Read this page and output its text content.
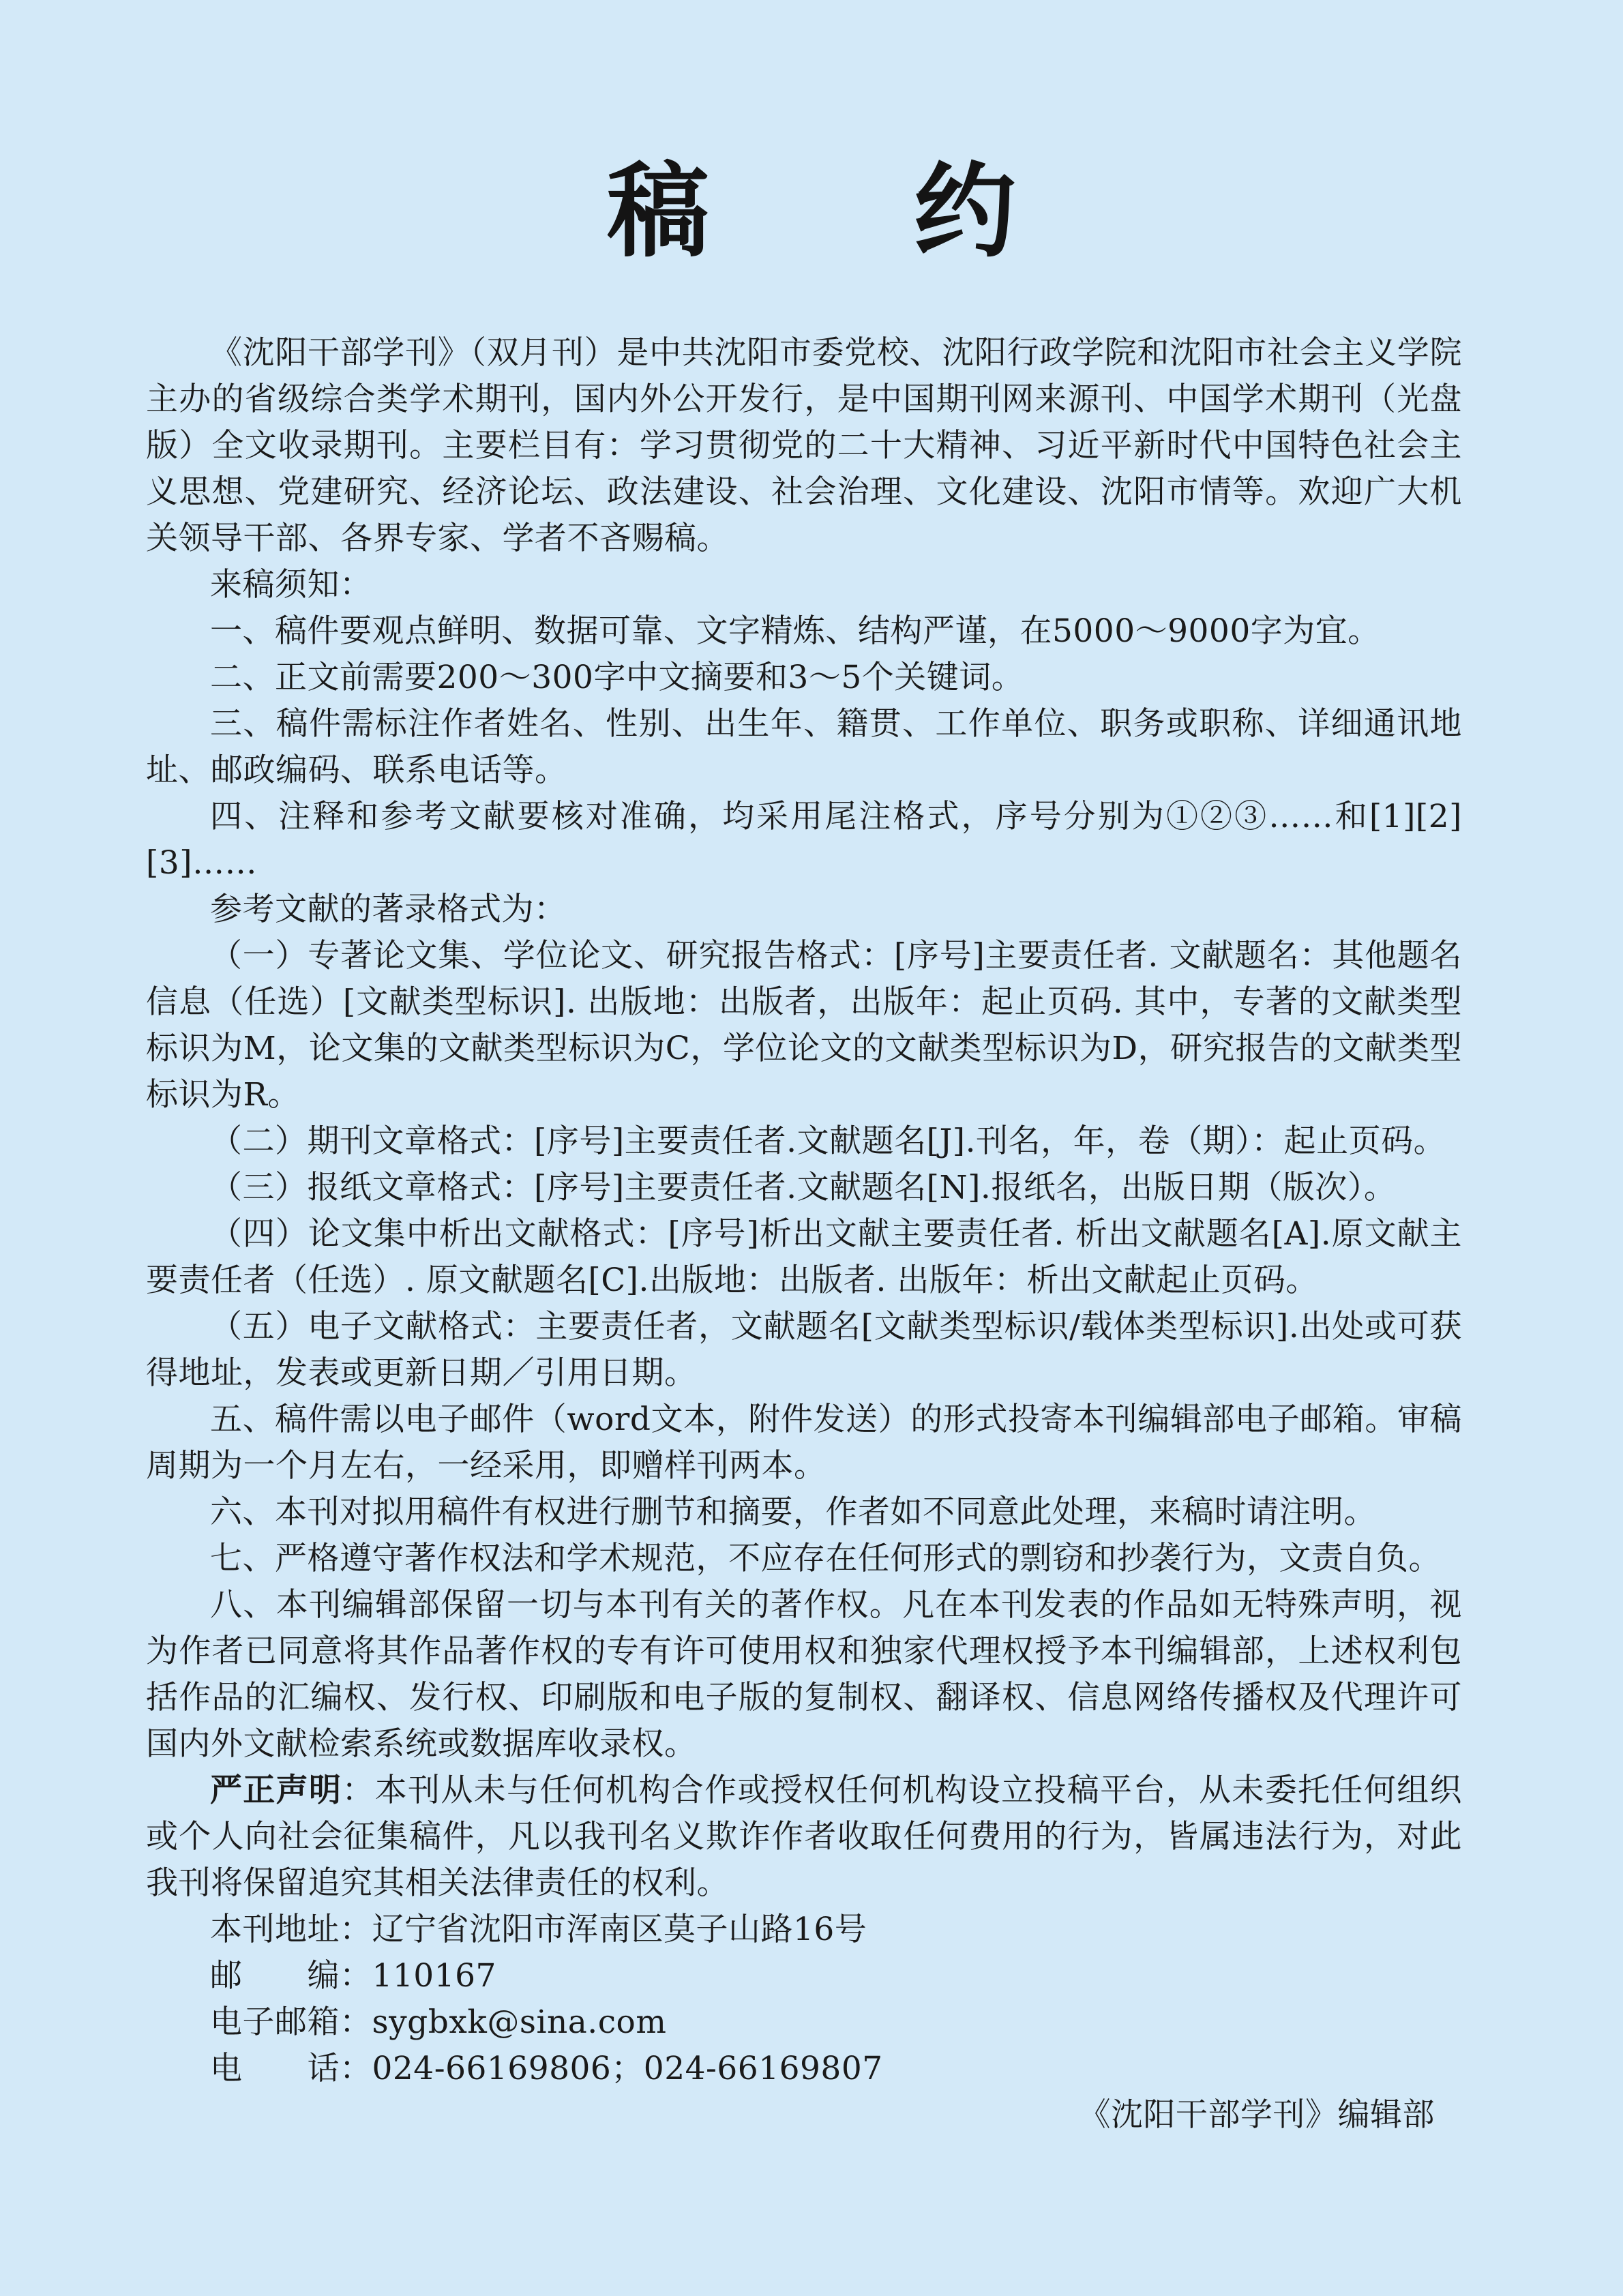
稿　　约

《沈阳干部学刊》（双月刊）是中共沈阳市委党校、沈阳行政学院和沈阳市社会主义学院主办的省级综合类学术期刊，国内外公开发行，是中国期刊网来源刊、中国学术期刊（光盘版）全文收录期刊。主要栏目有：学习贯彻党的二十大精神、习近平新时代中国特色社会主义思想、党建研究、经济论坛、政法建设、社会治理、文化建设、沈阳市情等。欢迎广大机关领导干部、各界专家、学者不吝赐稿。

来稿须知：

一、稿件要观点鲜明、数据可靠、文字精炼、结构严谨，在5000～9000字为宜。

二、正文前需要200～300字中文摘要和3～5个关键词。

三、稿件需标注作者姓名、性别、出生年、籍贯、工作单位、职务或职称、详细通讯地址、邮政编码、联系电话等。

四、注释和参考文献要核对准确，均采用尾注格式，序号分别为①②③……和[1][2][3]……

参考文献的著录格式为：

（一）专著论文集、学位论文、研究报告格式：[序号]主要责任者. 文献题名：其他题名信息（任选）[文献类型标识]. 出版地：出版者，出版年：起止页码. 其中，专著的文献类型标识为M，论文集的文献类型标识为C，学位论文的文献类型标识为D，研究报告的文献类型标识为R。

（二）期刊文章格式：[序号]主要责任者.文献题名[J].刊名，年，卷（期）：起止页码。

（三）报纸文章格式：[序号]主要责任者.文献题名[N].报纸名，出版日期（版次）。

（四）论文集中析出文献格式：[序号]析出文献主要责任者. 析出文献题名[A].原文献主要责任者（任选）. 原文献题名[C].出版地：出版者. 出版年：析出文献起止页码。

（五）电子文献格式：主要责任者，文献题名[文献类型标识/载体类型标识].出处或可获得地址，发表或更新日期／引用日期。

五、稿件需以电子邮件（word文本，附件发送）的形式投寄本刊编辑部电子邮箱。审稿周期为一个月左右，一经采用，即赠样刊两本。

六、本刊对拟用稿件有权进行删节和摘要，作者如不同意此处理，来稿时请注明。

七、严格遵守著作权法和学术规范，不应存在任何形式的剽窃和抄袭行为，文责自负。

八、本刊编辑部保留一切与本刊有关的著作权。凡在本刊发表的作品如无特殊声明，视为作者已同意将其作品著作权的专有许可使用权和独家代理权授予本刊编辑部，上述权利包括作品的汇编权、发行权、印刷版和电子版的复制权、翻译权、信息网络传播权及代理许可国内外文献检索系统或数据库收录权。

严正声明：本刊从未与任何机构合作或授权任何机构设立投稿平台，从未委托任何组织或个人向社会征集稿件，凡以我刊名义欺诈作者收取任何费用的行为，皆属违法行为，对此我刊将保留追究其相关法律责任的权利。

本刊地址：辽宁省沈阳市浑南区莫子山路16号

邮　　编：110167

电子邮箱：sygbxk@sina.com

电　　话：024-66169806；024-66169807

《沈阳干部学刊》编辑部
